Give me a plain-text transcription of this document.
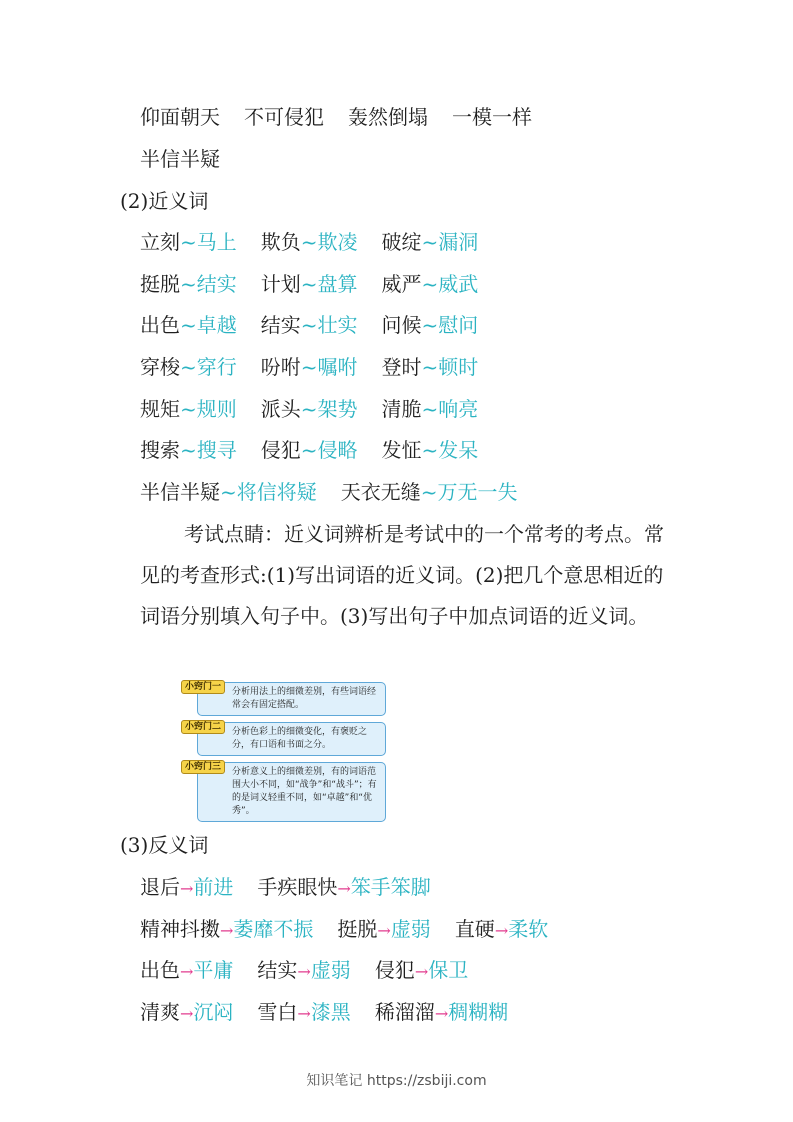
仰面朝天 不可侵犯 轰然倒塌 一模一样
半信半疑
(2)近义词
立刻~马上 欺负~欺凌 破绽~漏洞
挺脱~结实 计划~盘算 威严~威武
出色~卓越 结实~壮实 问候~慰问
穿梭~穿行 吩咐~嘱咐 登时~顿时
规矩~规则 派头~架势 清脆~响亮
搜索~搜寻 侵犯~侵略 发怔~发呆
半信半疑~将信将疑 天衣无缝~万无一失
考试点睛：近义词辨析是考试中的一个常考的考点。常见的考查形式:(1)写出词语的近义词。(2)把几个意思相近的词语分别填入句子中。(3)写出句子中加点词语的近义词。
小窍门一	分析用法上的细微差别，有些词语经常会有固定搭配。
小窍门二	分析色彩上的细微变化，有褒贬之分，有口语和书面之分。
小窍门三	分析意义上的细微差别，有的词语范围大小不同，如“战争”和“战斗”；有的是词义轻重不同，如“卓越”和“优秀”。
(3)反义词
退后→前进 手疾眼快→笨手笨脚
精神抖擞→萎靡不振 挺脱→虚弱 直硬→柔软
出色→平庸 结实→虚弱 侵犯→保卫
清爽→沉闷 雪白→漆黑 稀溜溜→稠糊糊
知识笔记 https://zsbiji.com
